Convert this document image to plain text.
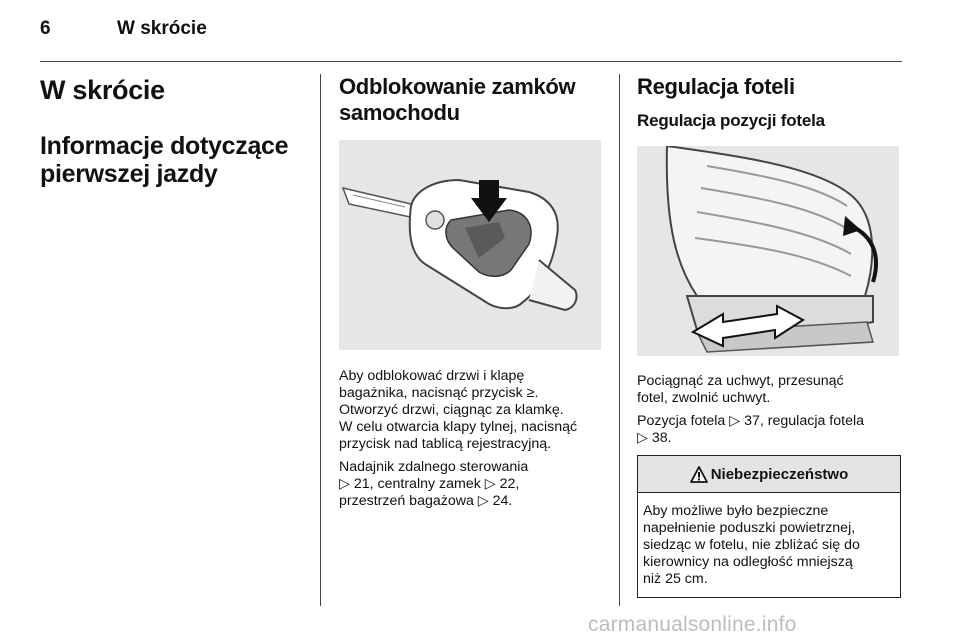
6	W skrócie
W skrócie
Informacje dotyczące pierwszej jazdy
Odblokowanie zamków samochodu

Aby odblokować drzwi i klapę
bagażnika, nacisnąć przycisk ≥.
Otworzyć drzwi, ciągnąc za klamkę.
W celu otwarcia klapy tylnej, nacisnąć
przycisk nad tablicą rejestracyjną.

Nadajnik zdalnego sterowania
▷ 21, centralny zamek ▷ 22,
przestrzeń bagażowa ▷ 24.

Regulacja foteli
Regulacja pozycji fotela

Pociągnąć za uchwyt, przesunąć
fotel, zwolnić uchwyt.

Pozycja fotela ▷ 37, regulacja fotela
▷ 38.

Niebezpieczeństwo
Aby możliwe było bezpieczne
napełnienie poduszki powietrznej,
siedząc w fotelu, nie zbliżać się do
kierownicy na odległość mniejszą
niż 25 cm.
carmanualsonline.info
